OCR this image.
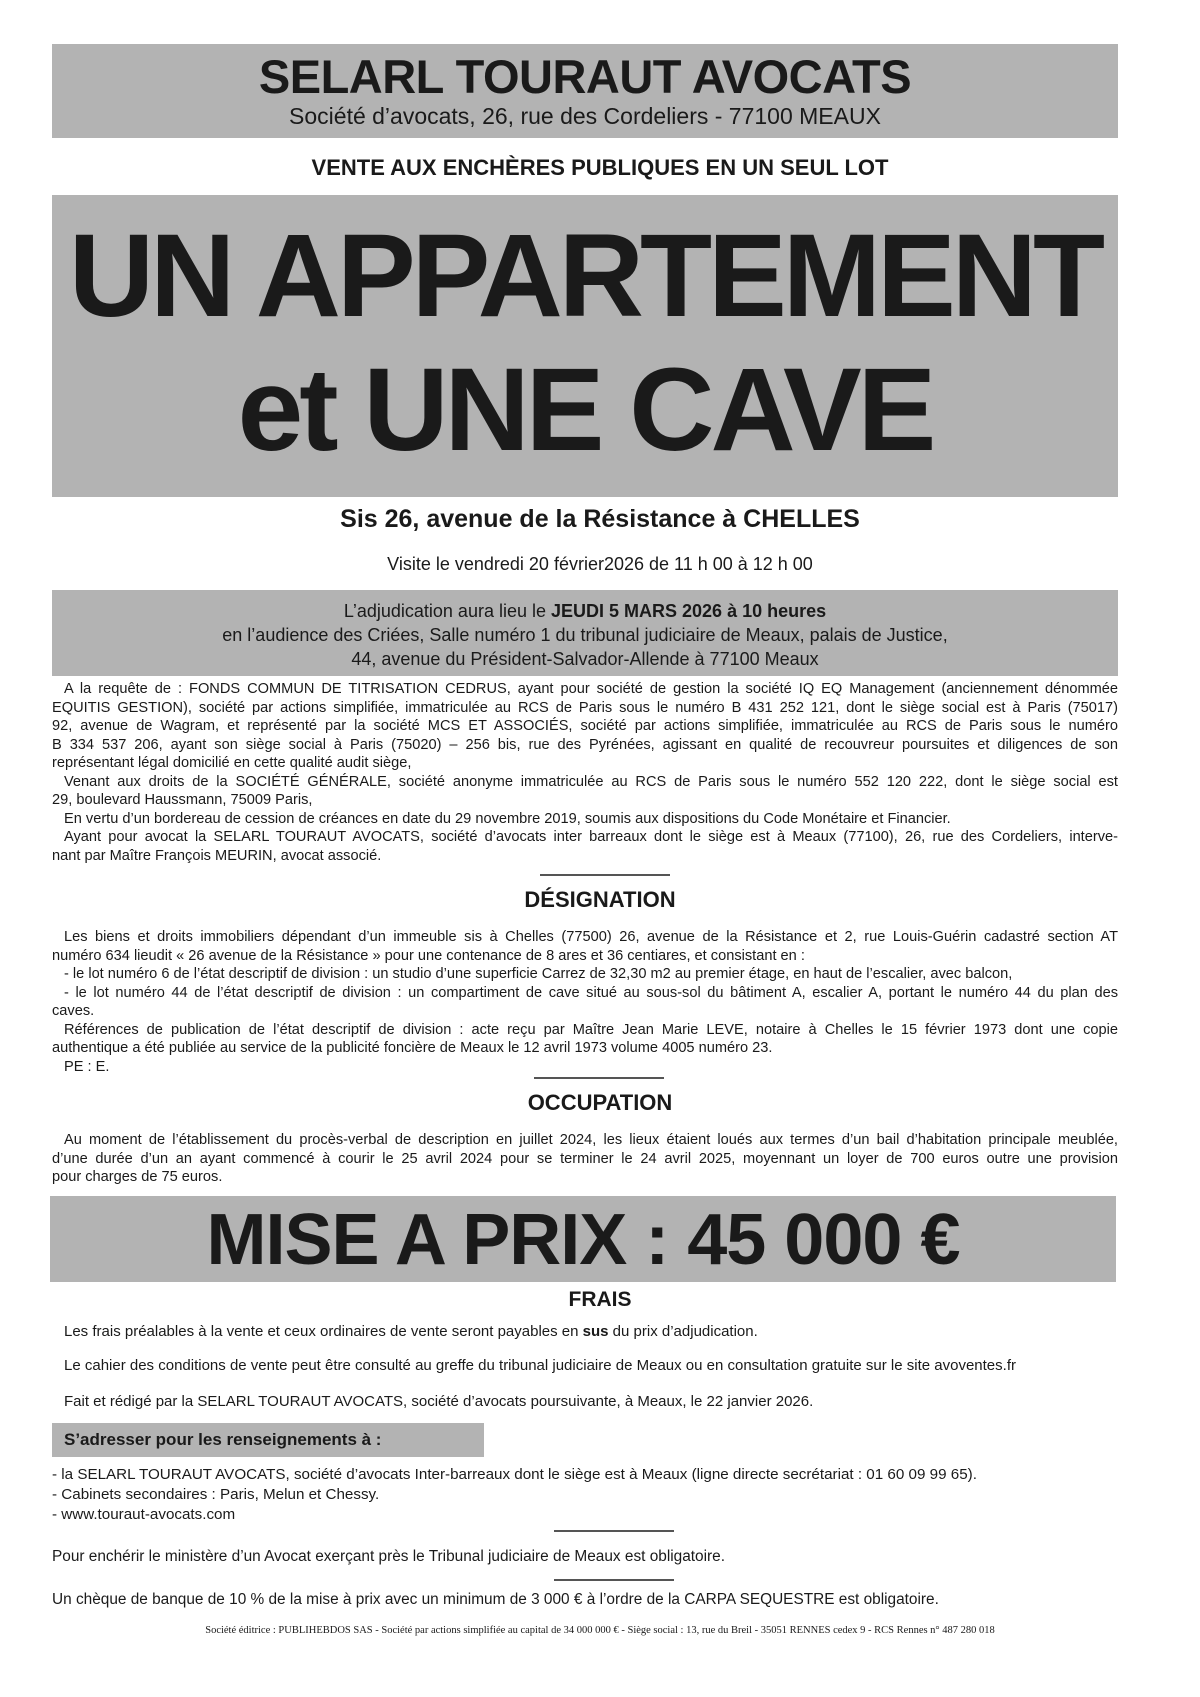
SELARL TOURAUT AVOCATS
Société d’avocats, 26, rue des Cordeliers - 77100 MEAUX
VENTE AUX ENCHÈRES PUBLIQUES EN UN SEUL LOT
UN APPARTEMENT
et UNE CAVE
Sis 26, avenue de la Résistance à CHELLES
Visite le vendredi 20 février2026 de 11 h 00 à 12 h 00
L’adjudication aura lieu le JEUDI 5 MARS 2026 à 10 heures
en l’audience des Criées, Salle numéro 1 du tribunal judiciaire de Meaux, palais de Justice,
44, avenue du Président-Salvador-Allende à 77100 Meaux
A la requête de : FONDS COMMUN DE TITRISATION CEDRUS, ayant pour société de gestion la société IQ EQ Management (anciennement dénommée
EQUITIS GESTION), société par actions simplifiée, immatriculée au RCS de Paris sous le numéro B 431 252 121, dont le siège social est à Paris (75017)
92, avenue de Wagram, et représenté par la société MCS ET ASSOCIÉS, société par actions simplifiée, immatriculée au RCS de Paris sous le numéro
B 334 537 206, ayant son siège social à Paris (75020) – 256 bis, rue des Pyrénées, agissant en qualité de recouvreur poursuites et diligences de son
représentant légal domicilié en cette qualité audit siège,
Venant aux droits de la SOCIÉTÉ GÉNÉRALE, société anonyme immatriculée au RCS de Paris sous le numéro 552 120 222, dont le siège social est
29, boulevard Haussmann, 75009 Paris,
En vertu d’un bordereau de cession de créances en date du 29 novembre 2019, soumis aux dispositions du Code Monétaire et Financier.
Ayant pour avocat la SELARL TOURAUT AVOCATS, société d’avocats inter barreaux dont le siège est à Meaux (77100), 26, rue des Cordeliers, interve-
nant par Maître François MEURIN, avocat associé.
DÉSIGNATION
Les biens et droits immobiliers dépendant d’un immeuble sis à Chelles (77500) 26, avenue de la Résistance et 2, rue Louis-Guérin cadastré section AT
numéro 634 lieudit « 26 avenue de la Résistance » pour une contenance de 8 ares et 36 centiares, et consistant en :
- le lot numéro 6 de l’état descriptif de division : un studio d’une superficie Carrez de 32,30 m2 au premier étage, en haut de l’escalier, avec balcon,
- le lot numéro 44 de l’état descriptif de division : un compartiment de cave situé au sous-sol du bâtiment A, escalier A, portant le numéro 44 du plan des
caves.
Références de publication de l’état descriptif de division : acte reçu par Maître Jean Marie LEVE, notaire à Chelles le 15 février 1973 dont une copie
authentique a été publiée au service de la publicité foncière de Meaux le 12 avril 1973 volume 4005 numéro 23.
PE : E.
OCCUPATION
Au moment de l’établissement du procès-verbal de description en juillet 2024, les lieux étaient loués aux termes d’un bail d’habitation principale meublée,
d’une durée d’un an ayant commencé à courir le 25 avril 2024 pour se terminer le 24 avril 2025, moyennant un loyer de 700 euros outre une provision
pour charges de 75 euros.
MISE A PRIX : 45 000 €
FRAIS
Les frais préalables à la vente et ceux ordinaires de vente seront payables en sus du prix d’adjudication.
Le cahier des conditions de vente peut être consulté au greffe du tribunal judiciaire de Meaux ou en consultation gratuite sur le site avoventes.fr
Fait et rédigé par la SELARL TOURAUT AVOCATS, société d’avocats poursuivante, à Meaux, le 22 janvier 2026.
S’adresser pour les renseignements à :
- la SELARL TOURAUT AVOCATS, société d’avocats Inter-barreaux dont le siège est à Meaux (ligne directe secrétariat : 01 60 09 99 65).
- Cabinets secondaires : Paris, Melun et Chessy.
- www.touraut-avocats.com
Pour enchérir le ministère d’un Avocat exerçant près le Tribunal judiciaire de Meaux est obligatoire.
Un chèque de banque de 10 % de la mise à prix avec un minimum de 3 000 € à l’ordre de la CARPA SEQUESTRE est obligatoire.
Société éditrice : PUBLIHEBDOS SAS - Société par actions simplifiée au capital de 34 000 000 € - Siège social : 13, rue du Breil - 35051 RENNES cedex 9 - RCS Rennes n° 487 280 018
